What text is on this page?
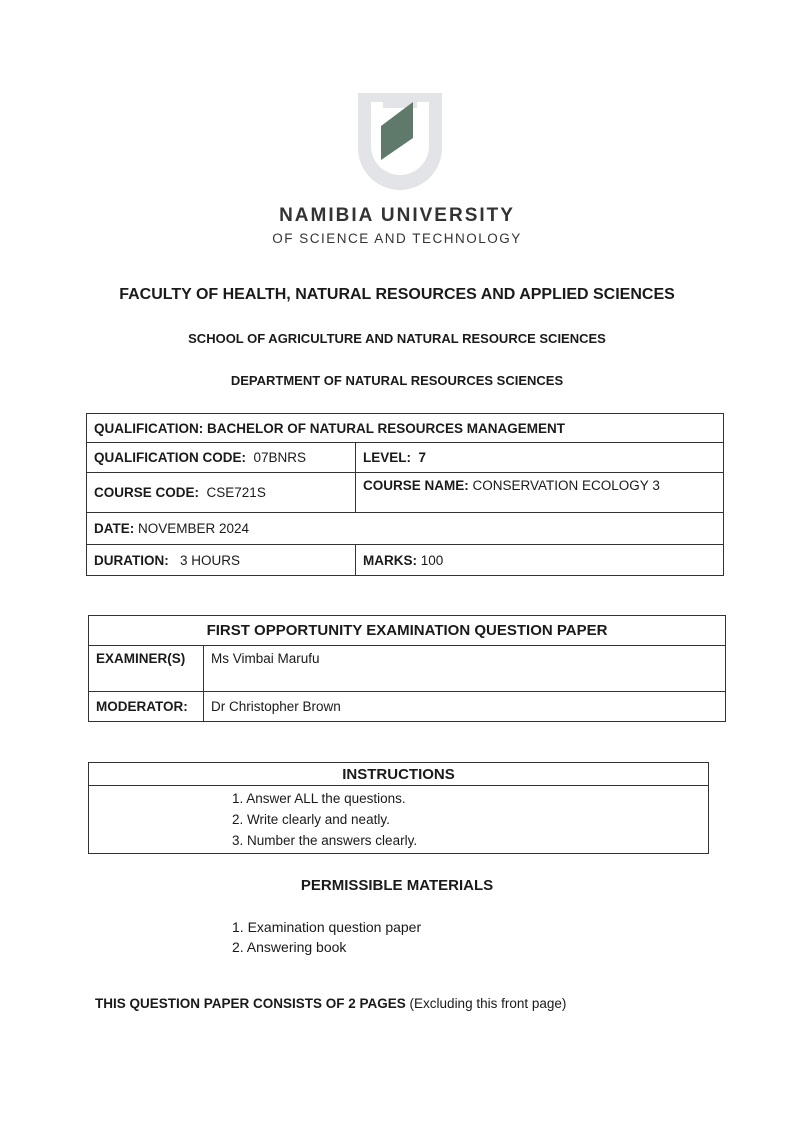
NAMIBIA UNIVERSITY
OF SCIENCE AND TECHNOLOGY
FACULTY OF HEALTH, NATURAL RESOURCES AND APPLIED SCIENCES
SCHOOL OF AGRICULTURE AND NATURAL RESOURCE SCIENCES
DEPARTMENT OF NATURAL RESOURCES SCIENCES
QUALIFICATION: BACHELOR OF NATURAL RESOURCES MANAGEMENT	
QUALIFICATION CODE: 07BNRS	LEVEL: 7
COURSE CODE: CSE721S	COURSE NAME: CONSERVATION ECOLOGY 3
DATE: NOVEMBER 2024	
DURATION: 3 HOURS	MARKS: 100
FIRST OPPORTUNITY EXAMINATION QUESTION PAPER	
EXAMINER(S)	Ms Vimbai Marufu
MODERATOR:	Dr Christopher Brown
INSTRUCTIONS

1. Answer ALL the questions.
2. Write clearly and neatly.
3. Number the answers clearly.
PERMISSIBLE MATERIALS
1. Examination question paper
2. Answering book
THIS QUESTION PAPER CONSISTS OF 2 PAGES (Excluding this front page)
